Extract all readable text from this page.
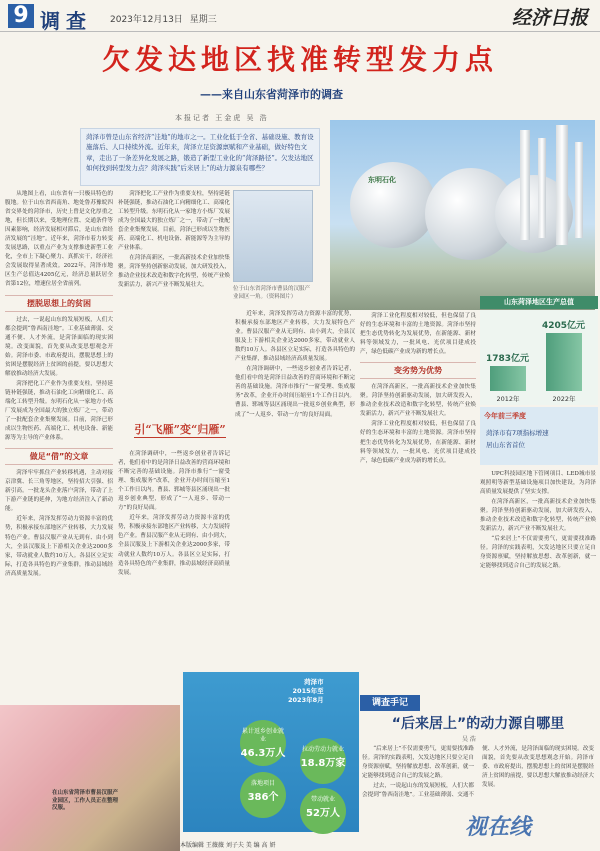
9 调查 2023年12月13日 星期三	经济日报
欠发达地区找准转型发力点
——来自山东省菏泽市的调查
本报记者 王金虎 吴 浩
菏泽市曾是山东省经济“洼地”的地市之一。工业化低于全省、基础设施、教育设施落后、人口持续外流。近年来，菏泽立足资源禀赋和产业基础，做好特色文章，走出了一条差异化发展之路，锻造了新型工业化的“菏泽路径”。欠发达地区如何找到转型发力点？菏泽实践“后来居上”的动力源泉有哪些？
东明石化

从地图上看，山东省有一只极具特色的腹地。位于山东省西南角、地处鲁苏豫皖四省交界处的菏泽市，历史上曾是文化厚重之地，但长期以来，受地理位置、交通条件等因素影响，经济发展相对滞后，是山东省经济发展的“洼地”。近年来，菏泽市着力转变发展思路，以重点产业为支撑推进新型工业化，全市上下凝心聚力、真抓实干，经济社会发展取得显著成效。2022年，菏泽市地区生产总值达4205亿元，经济总量跃居全省第12位，增速位居全省前列。

摆脱思想上的贫困

过去，一说起山东的发展短板，人们大都会提到“鲁西南洼地”。工业基础薄弱、交通不便、人才外流，是菏泽面临的现实困境。改变面貌，首先要从改变思想观念开始。菏泽市委、市政府提出，摆脱思想上的贫困是摆脱经济上贫困的前提，要以思想大解放推动经济大发展。

菏泽把化工产业作为重要支柱，坚持延链补链强链，推动石油化工向精细化工、高端化工转型升级。东明石化从一家地方小炼厂发展成为全国最大的独立炼厂之一，带动了一批配套企业集聚发展。目前，菏泽已形成以生物医药、高端化工、机电设备、新能源等为主导的产业体系。

做足“借”的文章

菏泽牢牢抓住产业转移机遇，主动对接京津冀、长三角等地区，坚持招大引强、招新引高。一批龙头企业落户菏泽，带动了上下游产业链的延伸，为地方经济注入了新动能。

近年来，菏泽发挥劳动力资源丰富的优势，积极承接东部地区产业转移，大力发展特色产业。曹县汉服产业从无到有、由小到大，全县汉服及上下游相关企业达2000多家，带动就业人数约10万人。各县区立足实际，打造各具特色的产业集群，推动县域经济高质量发展。

菏泽把化工产业作为重要支柱，坚持延链补链强链，推动石油化工向精细化工、高端化工转型升级。东明石化从一家地方小炼厂发展成为全国最大的独立炼厂之一，带动了一批配套企业集聚发展。目前，菏泽已形成以生物医药、高端化工、机电设备、新能源等为主导的产业体系。

在菏泽高新区，一批高新技术企业加快集聚。菏泽坚持创新驱动发展，加大研发投入，推动企业技术改造和数字化转型，传统产业焕发新活力，新兴产业不断发展壮大。

引“飞雁”变“归雁”

在菏泽调研中，一些返乡创业者告诉记者，他们看中的是菏泽日益改善的营商环境和不断完善的基础设施。菏泽市推行“一窗受理、集成服务”改革，企业开办时间压缩至1个工作日以内。曹县、郓城等县区涌现出一批返乡创业典型，形成了“一人返乡、带动一方”的良好局面。

近年来，菏泽发挥劳动力资源丰富的优势，积极承接东部地区产业转移，大力发展特色产业。曹县汉服产业从无到有、由小到大，全县汉服及上下游相关企业达2000多家，带动就业人数约10万人。各县区立足实际，打造各具特色的产业集群，推动县域经济高质量发展。

位于山东省菏泽市曹县的汉服产业园区一角。（资料图片）

近年来，菏泽发挥劳动力资源丰富的优势，积极承接东部地区产业转移，大力发展特色产业。曹县汉服产业从无到有、由小到大，全县汉服及上下游相关企业达2000多家，带动就业人数约10万人。各县区立足实际，打造各具特色的产业集群，推动县域经济高质量发展。

在菏泽调研中，一些返乡创业者告诉记者，他们看中的是菏泽日益改善的营商环境和不断完善的基础设施。菏泽市推行“一窗受理、集成服务”改革，企业开办时间压缩至1个工作日以内。曹县、郓城等县区涌现出一批返乡创业典型，形成了“一人返乡、带动一方”的良好局面。

菏泽工业化程度相对较低，但也保留了良好的生态环境和丰富的土地资源。菏泽市坚持把生态优势转化为发展优势，在新能源、新材料等领域发力，一批风电、光伏项目建成投产，绿色低碳产业成为新的增长点。

变劣势为优势

在菏泽高新区，一批高新技术企业加快集聚。菏泽坚持创新驱动发展，加大研发投入，推动企业技术改造和数字化转型，传统产业焕发新活力，新兴产业不断发展壮大。

菏泽工业化程度相对较低，但也保留了良好的生态环境和丰富的土地资源。菏泽市坚持把生态优势转化为发展优势，在新能源、新材料等领域发力，一批风电、光伏项目建成投产，绿色低碳产业成为新的增长点。

山东菏泽地区生产总值
1783亿元
4205亿元
2012年	2022年
今年前三季度
菏泽市有7项指标增速
居山东省首位

UPC科技园区地下管网项目、LED城市景观照明等新型基础设施项目加快建设，为菏泽高质量发展提供了坚实支撑。

在菏泽高新区，一批高新技术企业加快集聚。菏泽坚持创新驱动发展，加大研发投入，推动企业技术改造和数字化转型，传统产业焕发新活力，新兴产业不断发展壮大。

“后来居上”不仅需要勇气，更需要找准路径。菏泽的实践表明，欠发达地区只要立足自身资源禀赋，坚持解放思想、改革创新，就一定能够找到适合自己的发展之路。

在山东省菏泽市曹县汉服产业园区，工作人员正在整理汉服。
菏泽市
2015年至
2023年8月
累计返乡创业就业
46.3万人	拉动劳动力就业
18.8万家
落地项目
386个	带动就业
52万人
调查手记
“后来居上”的动力源自哪里
吴 浩

“后来居上”不仅需要勇气，更需要找准路径。菏泽的实践表明，欠发达地区只要立足自身资源禀赋，坚持解放思想、改革创新，就一定能够找到适合自己的发展之路。

过去，一说起山东的发展短板，人们大都会提到“鲁西南洼地”。工业基础薄弱、交通不便、人才外流，是菏泽面临的现实困境。改变面貌，首先要从改变思想观念开始。菏泽市委、市政府提出，摆脱思想上的贫困是摆脱经济上贫困的前提，要以思想大解放推动经济大发展。

本版编辑 王薇薇 刘子夫 美 编 高 妍
视在线
